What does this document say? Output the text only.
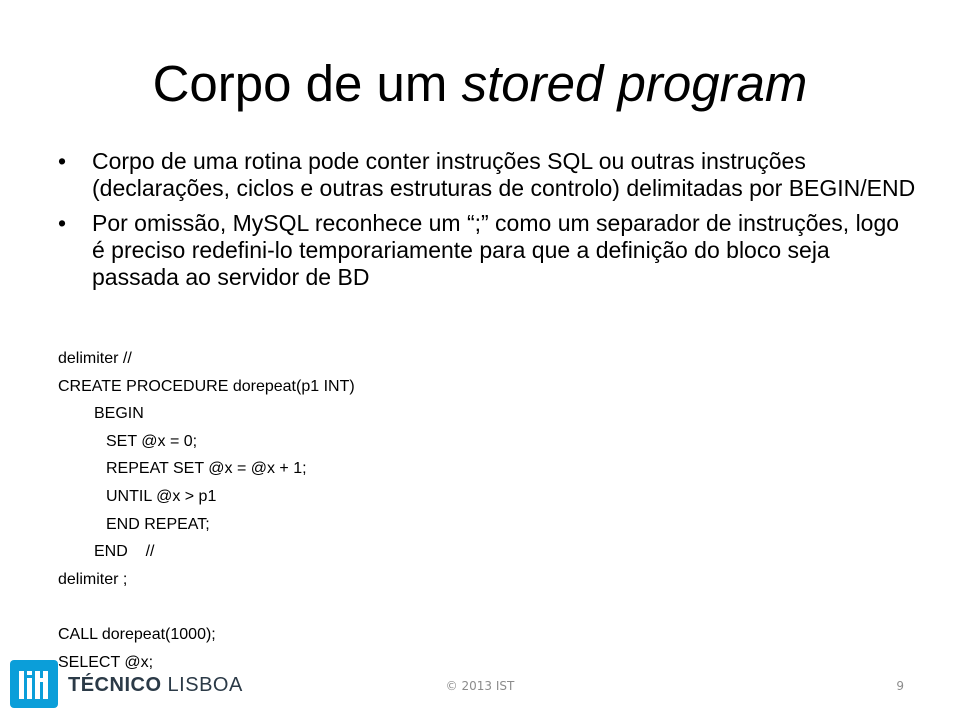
Corpo de um stored program
• Corpo de uma rotina pode conter instruções SQL ou outras instruções (declarações, ciclos e outras estruturas de controlo) delimitadas por BEGIN/END
• Por omissão, MySQL reconhece um “;” como um separador de instruções, logo é preciso redefini-lo temporariamente para que a definição do bloco seja passada ao servidor de BD
delimiter //
CREATE PROCEDURE dorepeat(p1 INT)
BEGIN
SET @x = 0;
REPEAT SET @x = @x + 1;
UNTIL @x > p1
END REPEAT;
END    //
delimiter ;
CALL dorepeat(1000);
SELECT @x;
TÉCNICO LISBOA	© 2013 IST	9
